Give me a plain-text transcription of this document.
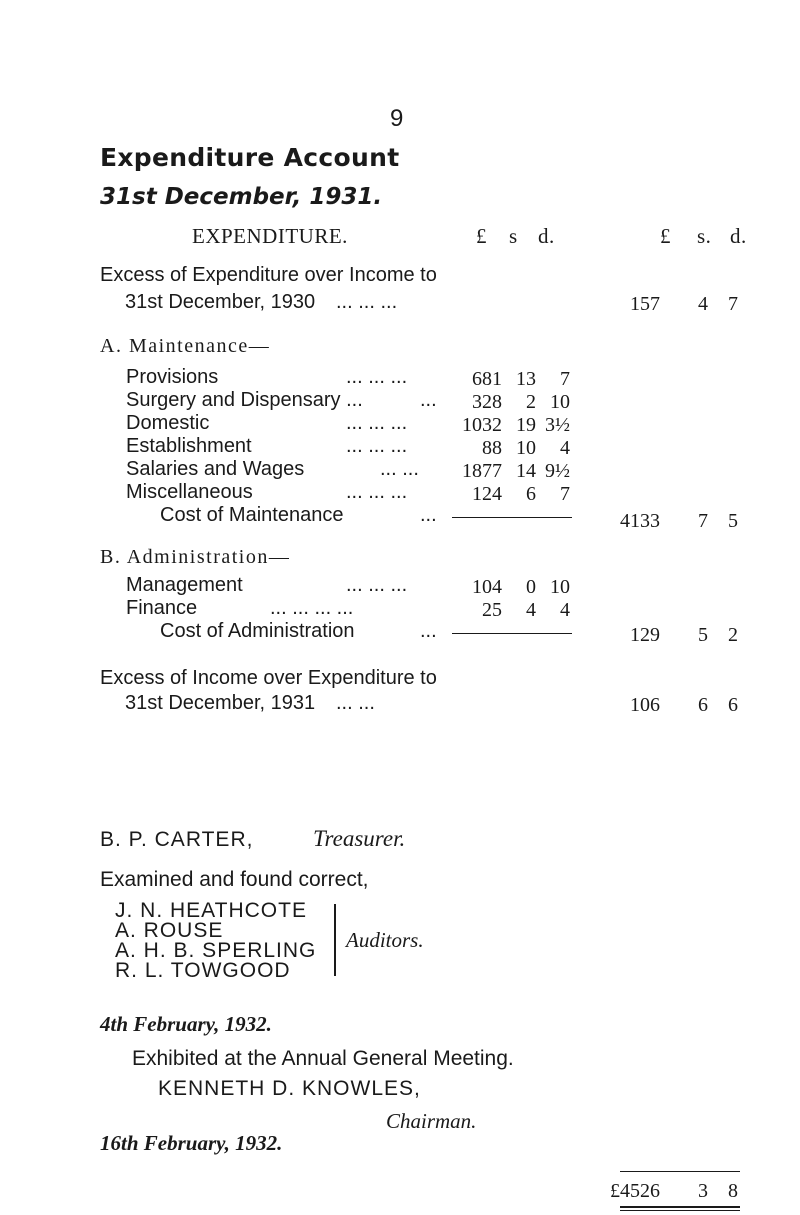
9
Expenditure Account
31st December, 1931.
EXPENDITURE.	£ s d.	£ s. d.
Excess of Expenditure over Income to
31st December, 1930 ... ... ...	157	4	7
A. Maintenance—
Provisions	... ... ...	681 13	7
Surgery and Dispensary ...	...	328	2 10
Domestic	... ... ...	1032 19 3½
Establishment	... ... ...	88 10	4
Salaries and Wages	... ...	1877 14 9½
Miscellaneous	... ... ...	124	6	7
Cost of Maintenance	...	4133	7	5
B. Administration—
Management	... ... ...	104	0 10
Finance	... ... ... ...	25	4	4
Cost of Administration	...	129	5	2
Excess of Income over Expenditure to
31st December, 1931 ... ...	106	6	6
B. P. CARTER,	Treasurer.
Examined and found correct,
J. N. HEATHCOTE
A. ROUSE
A. H. B. SPERLING
R. L. TOWGOOD
Auditors.
4th February, 1932.
Exhibited at the Annual General Meeting.
KENNETH D. KNOWLES,
Chairman.
16th February, 1932.
£4526	3	8
